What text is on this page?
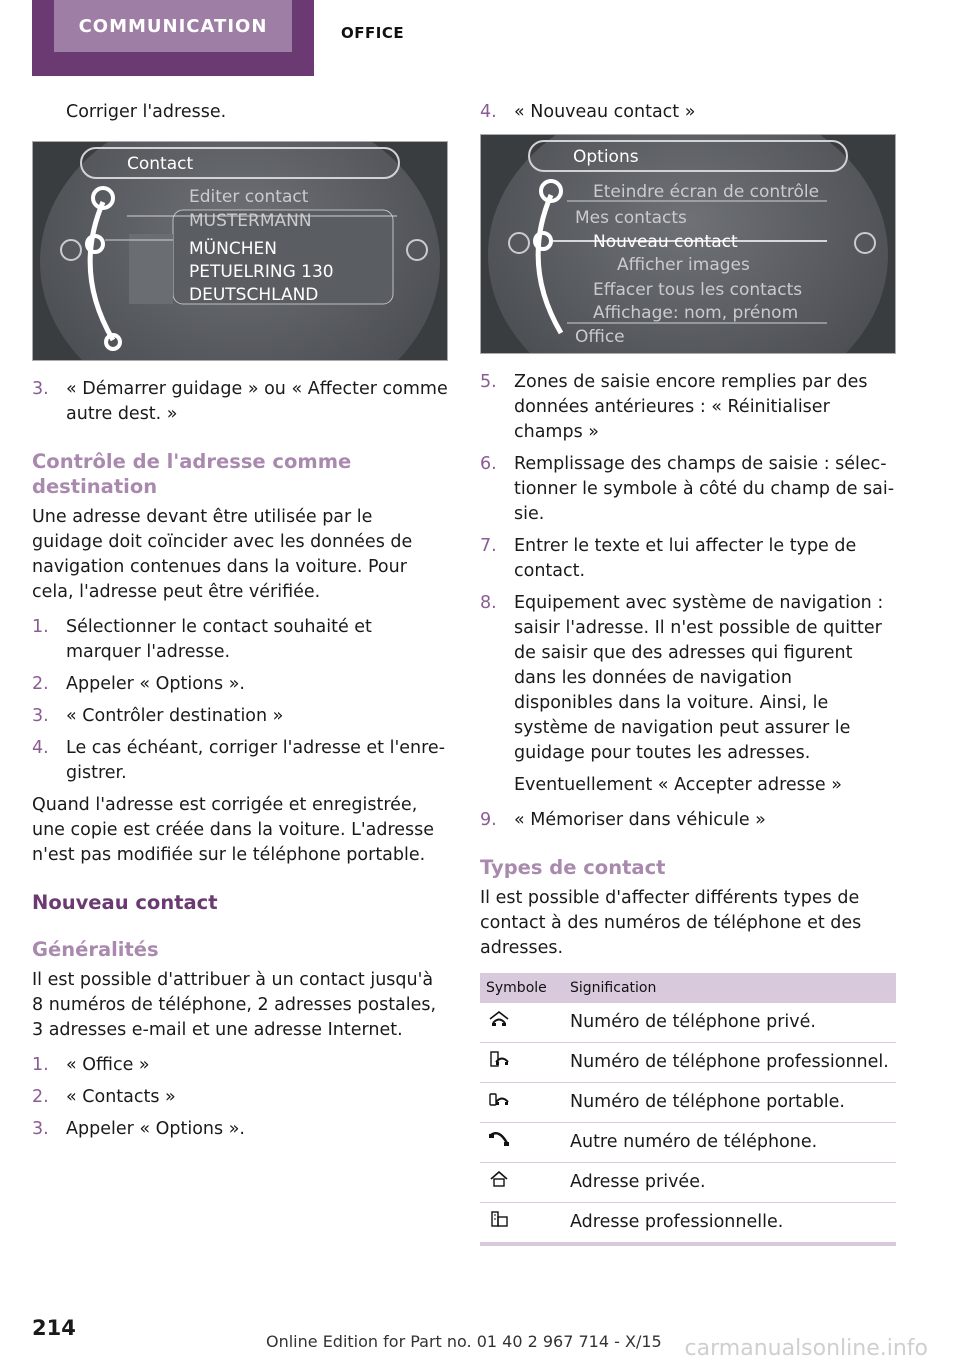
COMMUNICATION	OFFICE

Corriger l'adresse.

Contact
Editer contact
MUSTERMANN
MÜNCHEN
PETUELRING 130
DEUTSCHLAND
3. « Démarrer guidage » ou « Affecter comme autre dest. »
Contrôle de l'adresse comme destination

Une adresse devant être utilisée par le guidage doit coïncider avec les données de navigation contenues dans la voiture. Pour cela, l'adresse peut être vérifiée.

1. Sélectionner le contact souhaité et marquer l'adresse.
2. Appeler « Options ».
3. « Contrôler destination »
4. Le cas échéant, corriger l'adresse et l'enregistrer.

Quand l'adresse est corrigée et enregistrée, une copie est créée dans la voiture. L'adresse n'est pas modifiée sur le téléphone portable.

Nouveau contact
Généralités

Il est possible d'attribuer à un contact jusqu'à 8 numéros de téléphone, 2 adresses postales, 3 adresses e-mail et une adresse Internet.

1. « Office »
2. « Contacts »
3. Appeler « Options ».
4. « Nouveau contact »
Options
Eteindre écran de contrôle
Mes contacts
Nouveau contact
Afficher images
Effacer tous les contacts
Affichage: nom, prénom
Office
5. Zones de saisie encore remplies par des données antérieures : « Réinitialiser champs »
6. Remplissage des champs de saisie : sélectionner le symbole à côté du champ de saisie.
7. Entrer le texte et lui affecter le type de contact.
8. Equipement avec système de navigation : saisir l'adresse. Il n'est possible de quitter de saisir que des adresses qui figurent dans les données de navigation disponibles dans la voiture. Ainsi, le système de navigation peut assurer le guidage pour toutes les adresses.

Eventuellement « Accepter adresse »

9. « Mémoriser dans véhicule »
Types de contact

Il est possible d'affecter différents types de contact à des numéros de téléphone et des adresses.

Symbole	Signification
	Numéro de téléphone privé.
	Numéro de téléphone professionnel.
	Numéro de téléphone portable.
	Autre numéro de téléphone.
	Adresse privée.
	Adresse professionnelle.
214
Online Edition for Part no. 01 40 2 967 714 - X/15 carmanualsonline.info
